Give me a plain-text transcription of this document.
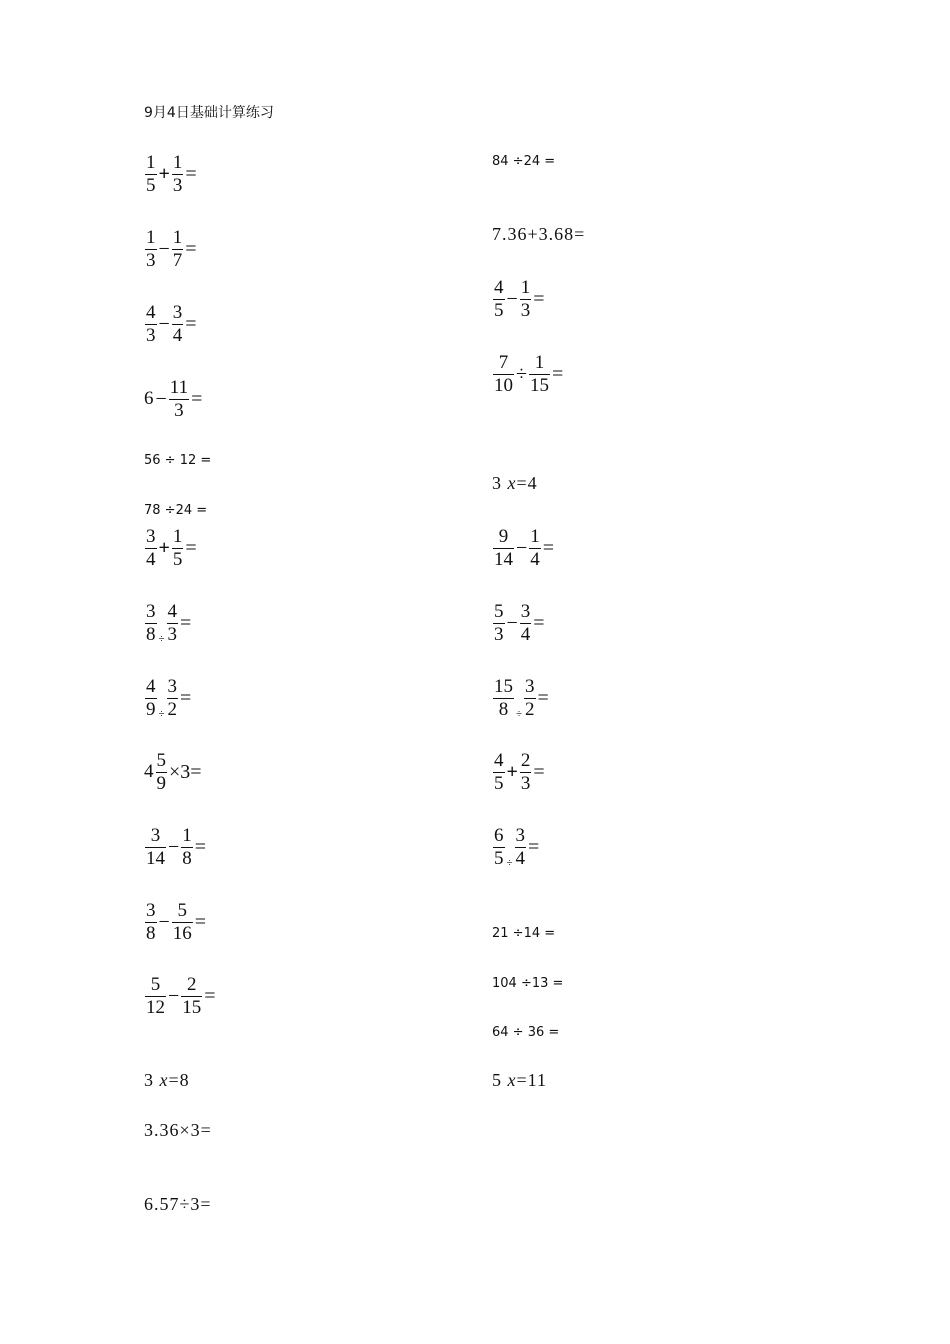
9月4日基础计算练习
$\frac{1}{5} + \frac{1}{3}$ =
$\frac{1}{3} - \frac{1}{7}$ =
$\frac{4}{3} - \frac{3}{4}$ =
$6 - \frac{11}{3}$ =
56 ÷ 12 =
78 ÷24 =
$\frac{3}{4} + \frac{1}{5}$ =
$\frac{3}{8} \div \frac{4}{3}$ =
$\frac{4}{9} \div \frac{3}{2}$ =
$4 \frac{5}{9} \times 3=$
$\frac{3}{14} - \frac{1}{8}$ =
$\frac{3}{8} - \frac{5}{16}$ =
$\frac{5}{12} - \frac{2}{15}$ =
3
x =8
3.36×3=
6.57÷3=
84 ÷24 =
7.36+3.68=
$\frac{4}{5} - \frac{1}{3}$ =
$\frac{7}{10} \div \frac{1}{15}$ =
3
x =4
$\frac{9}{14} - \frac{1}{4}$ =
$\frac{5}{3} - \frac{3}{4}$ =
$\frac{15}{8} \div \frac{3}{2}$ =
$\frac{4}{5} + \frac{2}{3}$ =
$\frac{6}{5} \div \frac{3}{4}$ =
21 ÷14 =
104 ÷13 =
64 ÷ 36 =
5
x =11
